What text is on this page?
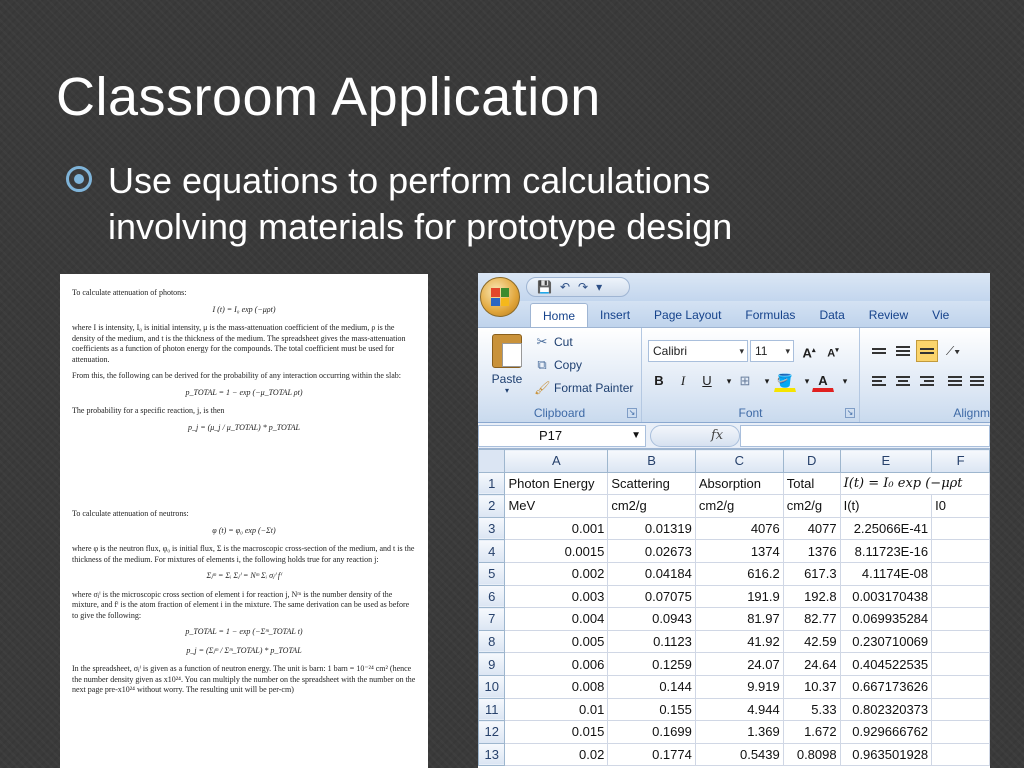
Classroom Application
Use equations to perform calculations
involving materials for prototype design

To calculate attenuation of photons:

I (t) = I₀ exp (−μρt)

where I is intensity, I₀ is initial intensity, μ is the mass-attenuation coefficient of the medium, ρ is the density of the medium, and t is the thickness of the medium. The spreadsheet gives the mass-attenuation coefficients as a function of photon energy for the compounds. The total coefficient must be used for attenuation.

From this, the following can be derived for the probability of any interaction occurring within the slab:

p_TOTAL = 1 − exp (−μ_TOTAL ρt)

The probability for a specific reaction, j, is then

p_j = (μ_j / μ_TOTAL) * p_TOTAL

To calculate attenuation of neutrons:

φ (t) = φ₀ exp (−Σt)

where φ is the neutron flux, φ₀ is initial flux, Σ is the macroscopic cross-section of the medium, and t is the thickness of the medium. For mixtures of elements i, the following holds true for any reaction j:

Σⱼᵐ = Σᵢ Σⱼⁱ = Nᵐ Σᵢ σⱼⁱ fⁱ

where σⱼⁱ is the microscopic cross section of element i for reaction j, Nᵐ is the number density of the mixture, and fⁱ is the atom fraction of element i in the mixture. The same derivation can be used as before to give the following:

p_TOTAL = 1 − exp (−Σᵐ_TOTAL t)
p_j = (Σⱼᵐ / Σᵐ_TOTAL) * p_TOTAL

In the spreadsheet, σⱼⁱ is given as a function of neutron energy. The unit is barn: 1 barn = 10⁻²⁴ cm² (hence the number density given as x10²⁴. You can multiply the number on the spreadsheet with the number on the next page pre-x10²⁴ without worry. The resulting unit will be per-cm)

💾 ↶ ↷ ▾
Home	Insert	Page Layout	Formulas	Data	Review	Vie
Paste
▾
✂ Cut
⧉ Copy
🖌 Format Painter
Clipboard	↘
Calibri	▾ 11 ▾ A▴	A▾
B	I	U	▾ ⊞	▾ 🪣	▾ A	▾
Font	↘
⟋▾
Alignm
P17	▼	fx
	A	B	C	D	E	F
1	Photon Energy	Scattering	Absorption	Total	I(t) = I₀ exp (−μρt	
2	MeV	cm2/g	cm2/g	cm2/g	I(t)	I0
3	0.001	0.01319	4076	4077	2.25066E-41	
4	0.0015	0.02673	1374	1376	8.11723E-16	
5	0.002	0.04184	616.2	617.3	4.1174E-08	
6	0.003	0.07075	191.9	192.8	0.003170438	
7	0.004	0.0943	81.97	82.77	0.069935284	
8	0.005	0.1123	41.92	42.59	0.230710069	
9	0.006	0.1259	24.07	24.64	0.404522535	
10	0.008	0.144	9.919	10.37	0.667173626	
11	0.01	0.155	4.944	5.33	0.802320373	
12	0.015	0.1699	1.369	1.672	0.929666762	
13	0.02	0.1774	0.5439	0.8098	0.963501928	
